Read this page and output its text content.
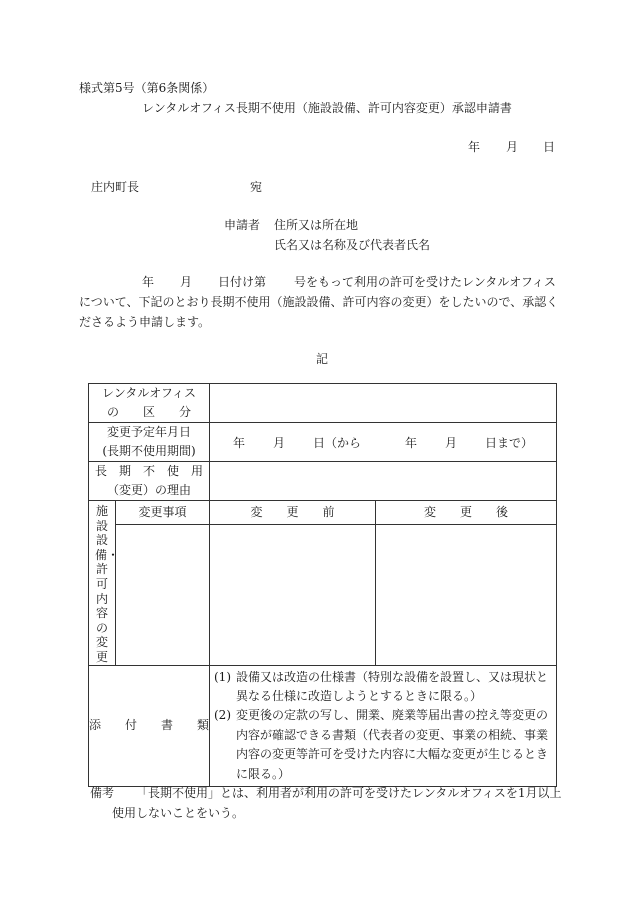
様式第5号（第6条関係）
レンタルオフィス長期不使用（施設設備、許可内容変更）承認申請書
年 月 日
庄内町長	宛
申請者 住所又は所在地
氏名又は名称及び代表者氏名
年 月 日付け第 号をもって利用の許可を受けたレンタルオフィス
について、下記のとおり長期不使用（施設設備、許可内容の変更）をしたいので、承認く
ださるよう申請します。
記
レンタルオフィス
の　　区　　分			

変更予定年月日
(長期不使用期間)		年 月 日（から 年 月 日まで）	

長　期　不　使　用
（変更）の理由			

施設設備・許可内容の変更	変更事項	変　　更　　前	変　　更　　後

添　　付　　書　　類		(1) 設備又は改造の仕様書（特別な設備を設置し、又は現状と異なる仕様に改造しようとするときに限る。）
(2) 変更後の定款の写し、開業、廃業等届出書の控え等変更の内容が確認できる書類（代表者の変更、事業の相続、事業内容の変更等許可を受けた内容に大幅な変更が生じるときに限る。）	
備考 「長期不使用」とは、利用者が利用の許可を受けたレンタルオフィスを1月以上
使用しないことをいう。
